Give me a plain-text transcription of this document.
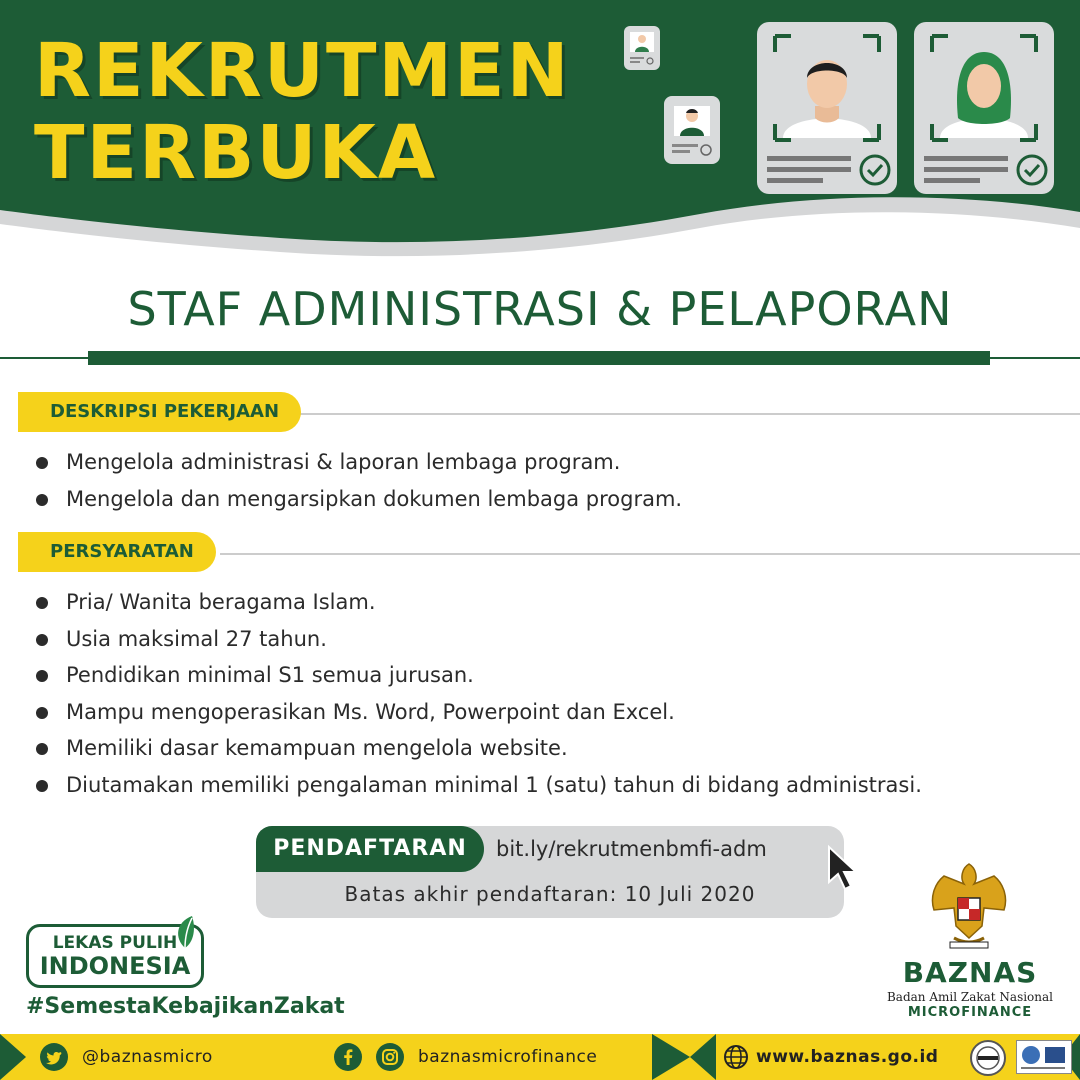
REKRUTMEN
TERBUKA
STAF ADMINISTRASI & PELAPORAN
DESKRIPSI PEKERJAAN
Mengelola administrasi & laporan lembaga program.
Mengelola dan mengarsipkan dokumen lembaga program.
PERSYARATAN
Pria/ Wanita beragama Islam.
Usia maksimal 27 tahun.
Pendidikan minimal S1 semua jurusan.
Mampu mengoperasikan Ms. Word, Powerpoint dan Excel.
Memiliki dasar kemampuan mengelola website.
Diutamakan memiliki pengalaman minimal 1 (satu) tahun di bidang administrasi.
PENDAFTARAN	bit.ly/rekrutmenbmfi-adm
Batas akhir pendaftaran: 10 Juli 2020
LEKAS PULIH
INDONESIA
#SemestaKebajikanZakat
BAZNAS
Badan Amil Zakat Nasional
MICROFINANCE
@baznasmicro	baznasmicrofinance	www.baznas.go.id
